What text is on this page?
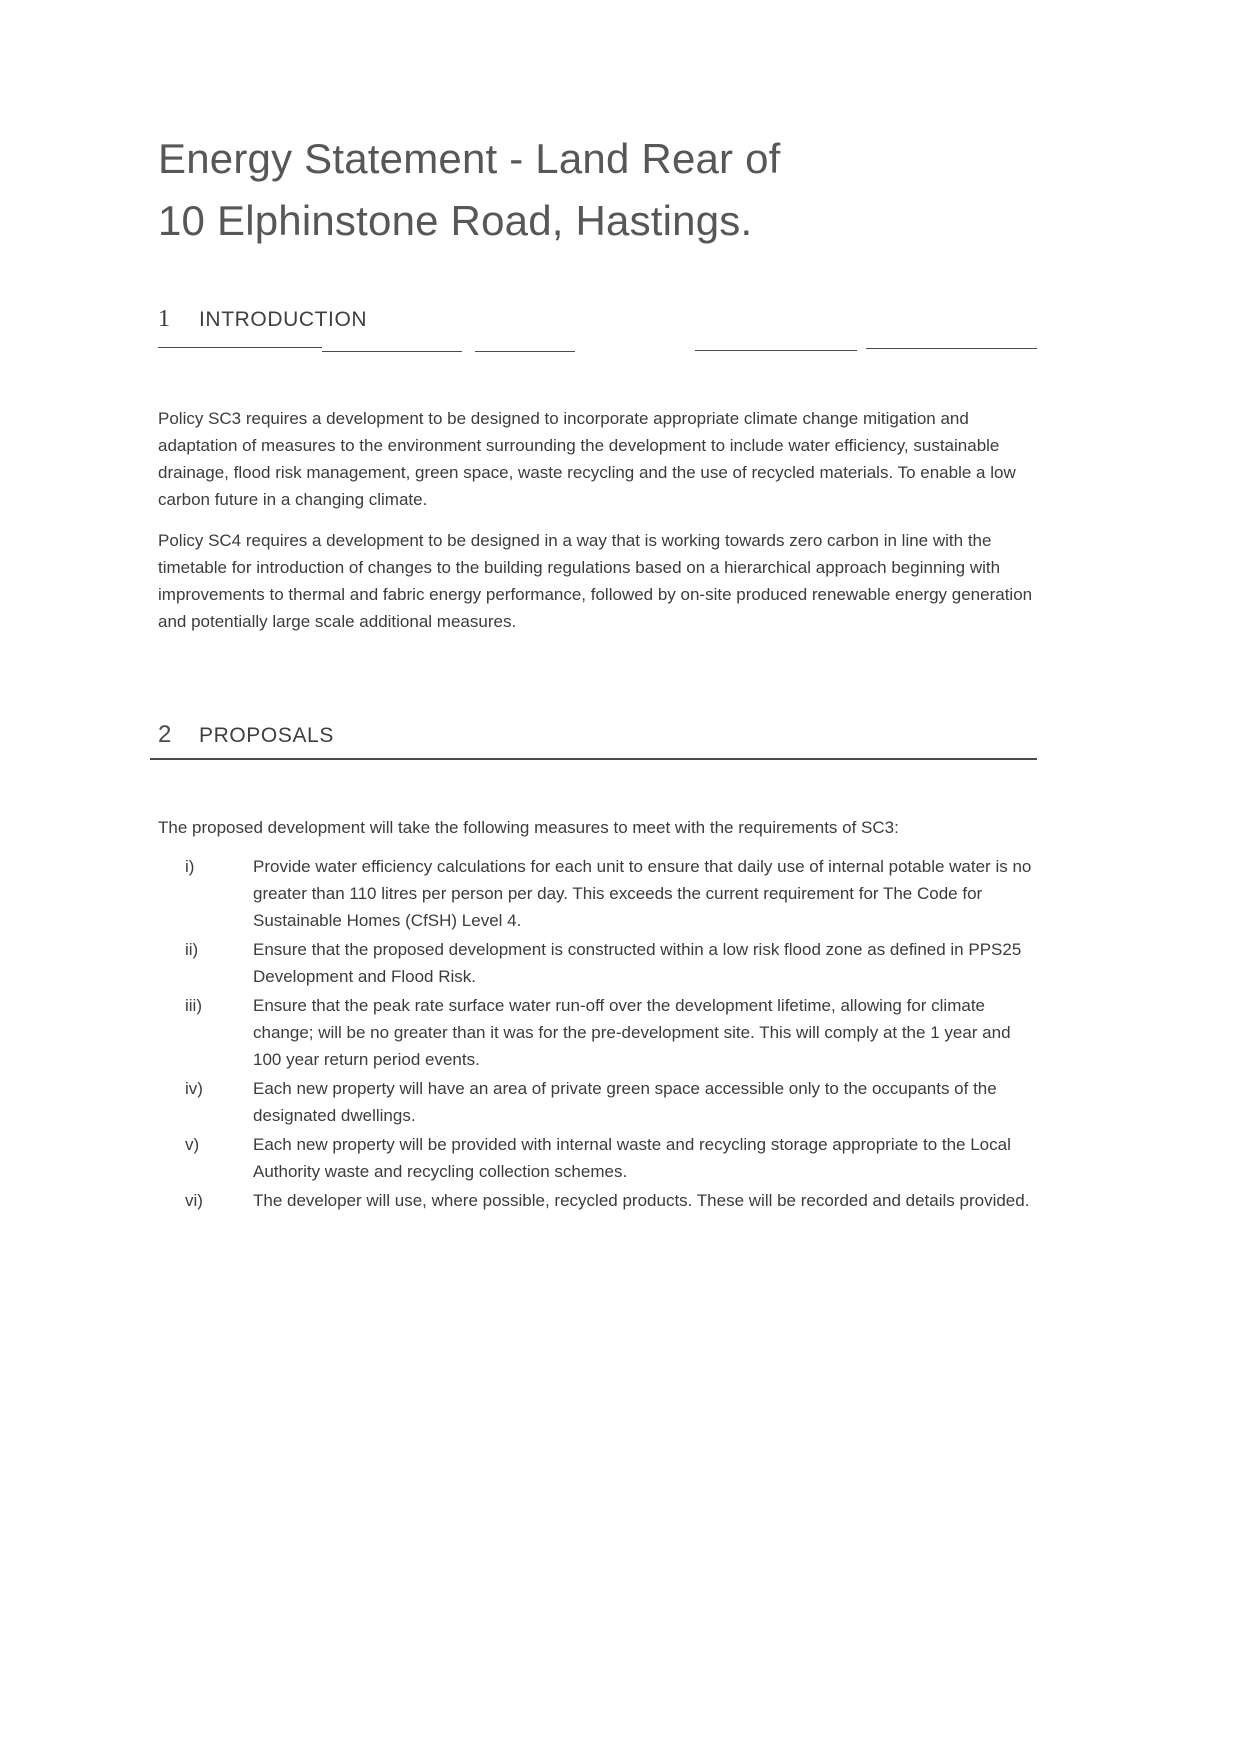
Energy Statement - Land Rear of
10 Elphinstone Road, Hastings.
1	INTRODUCTION

Policy SC3 requires a development to be designed to incorporate appropriate climate change mitigation and adaptation of measures to the environment surrounding the development to include water efficiency, sustainable drainage, flood risk management, green space, waste recycling and the use of recycled materials. To enable a low carbon future in a changing climate.

Policy SC4 requires a development to be designed in a way that is working towards zero carbon in line with the timetable for introduction of changes to the building regulations based on a hierarchical approach beginning with improvements to thermal and fabric energy performance, followed by on-site produced renewable energy generation and potentially large scale additional measures.

2	PROPOSALS

The proposed development will take the following measures to meet with the requirements of SC3:

i)	Provide water efficiency calculations for each unit to ensure that daily use of internal potable water is no greater than 110 litres per person per day. This exceeds the current requirement for The Code for Sustainable Homes (CfSH) Level 4.
ii)	Ensure that the proposed development is constructed within a low risk flood zone as defined in PPS25 Development and Flood Risk.
iii)	Ensure that the peak rate surface water run-off over the development lifetime, allowing for climate change; will be no greater than it was for the pre-development site. This will comply at the 1 year and 100 year return period events.
iv)	Each new property will have an area of private green space accessible only to the occupants of the designated dwellings.
v)	Each new property will be provided with internal waste and recycling storage appropriate to the Local Authority waste and recycling collection schemes.
vi)	The developer will use, where possible, recycled products. These will be recorded and details provided.
